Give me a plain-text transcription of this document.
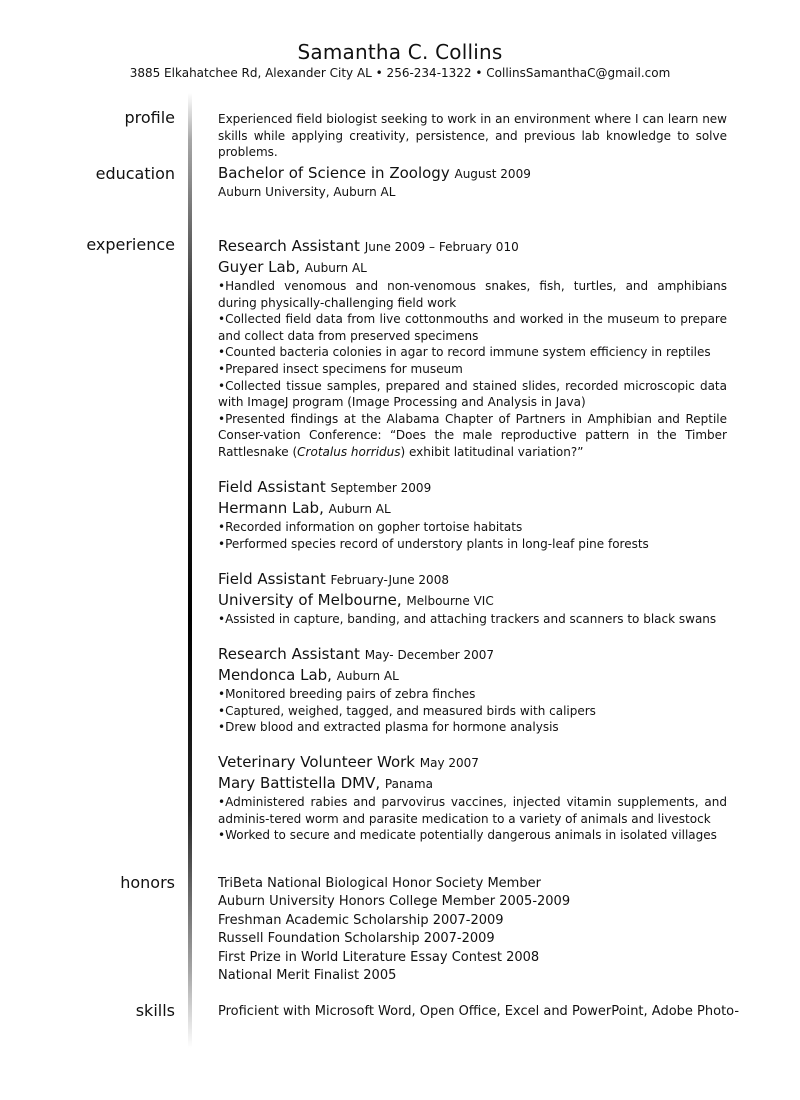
Samantha C. Collins
3885 Elkahatchee Rd, Alexander City AL • 256-234-1322 • CollinsSamanthaC@gmail.com
profile	Experienced field biologist seeking to work in an environment where I can learn new skills while applying creativity, persistence, and previous lab knowledge to solve problems.
education	Bachelor of Science in Zoology August 2009
Auburn University, Auburn AL
experience	Research Assistant June 2009 – February 010
Guyer Lab, Auburn AL
•Handled venomous and non-venomous snakes, fish, turtles, and amphibians during physically-challenging field work
•Collected field data from live cottonmouths and worked in the museum to prepare and collect data from preserved specimens
•Counted bacteria colonies in agar to record immune system efficiency in reptiles
•Prepared insect specimens for museum
•Collected tissue samples, prepared and stained slides, recorded microscopic data with ImageJ program (Image Processing and Analysis in Java)
•Presented findings at the Alabama Chapter of Partners in Amphibian and Reptile Conser-vation Conference: “Does the male reproductive pattern in the Timber Rattlesnake (Crotalus horridus) exhibit latitudinal variation?”
Field Assistant September 2009
Hermann Lab, Auburn AL
•Recorded information on gopher tortoise habitats
•Performed species record of understory plants in long-leaf pine forests
Field Assistant February-June 2008
University of Melbourne, Melbourne VIC
•Assisted in capture, banding, and attaching trackers and scanners to black swans
Research Assistant May- December 2007
Mendonca Lab, Auburn AL
•Monitored breeding pairs of zebra finches
•Captured, weighed, tagged, and measured birds with calipers
•Drew blood and extracted plasma for hormone analysis
Veterinary Volunteer Work May 2007
Mary Battistella DMV, Panama
•Administered rabies and parvovirus vaccines, injected vitamin supplements, and adminis-tered worm and parasite medication to a variety of animals and livestock
•Worked to secure and medicate potentially dangerous animals in isolated villages
honors	TriBeta National Biological Honor Society Member
Auburn University Honors College Member 2005-2009
Freshman Academic Scholarship 2007-2009
Russell Foundation Scholarship 2007-2009
First Prize in World Literature Essay Contest 2008
National Merit Finalist 2005
skills	Proficient with Microsoft Word, Open Office, Excel and PowerPoint, Adobe Photo-
